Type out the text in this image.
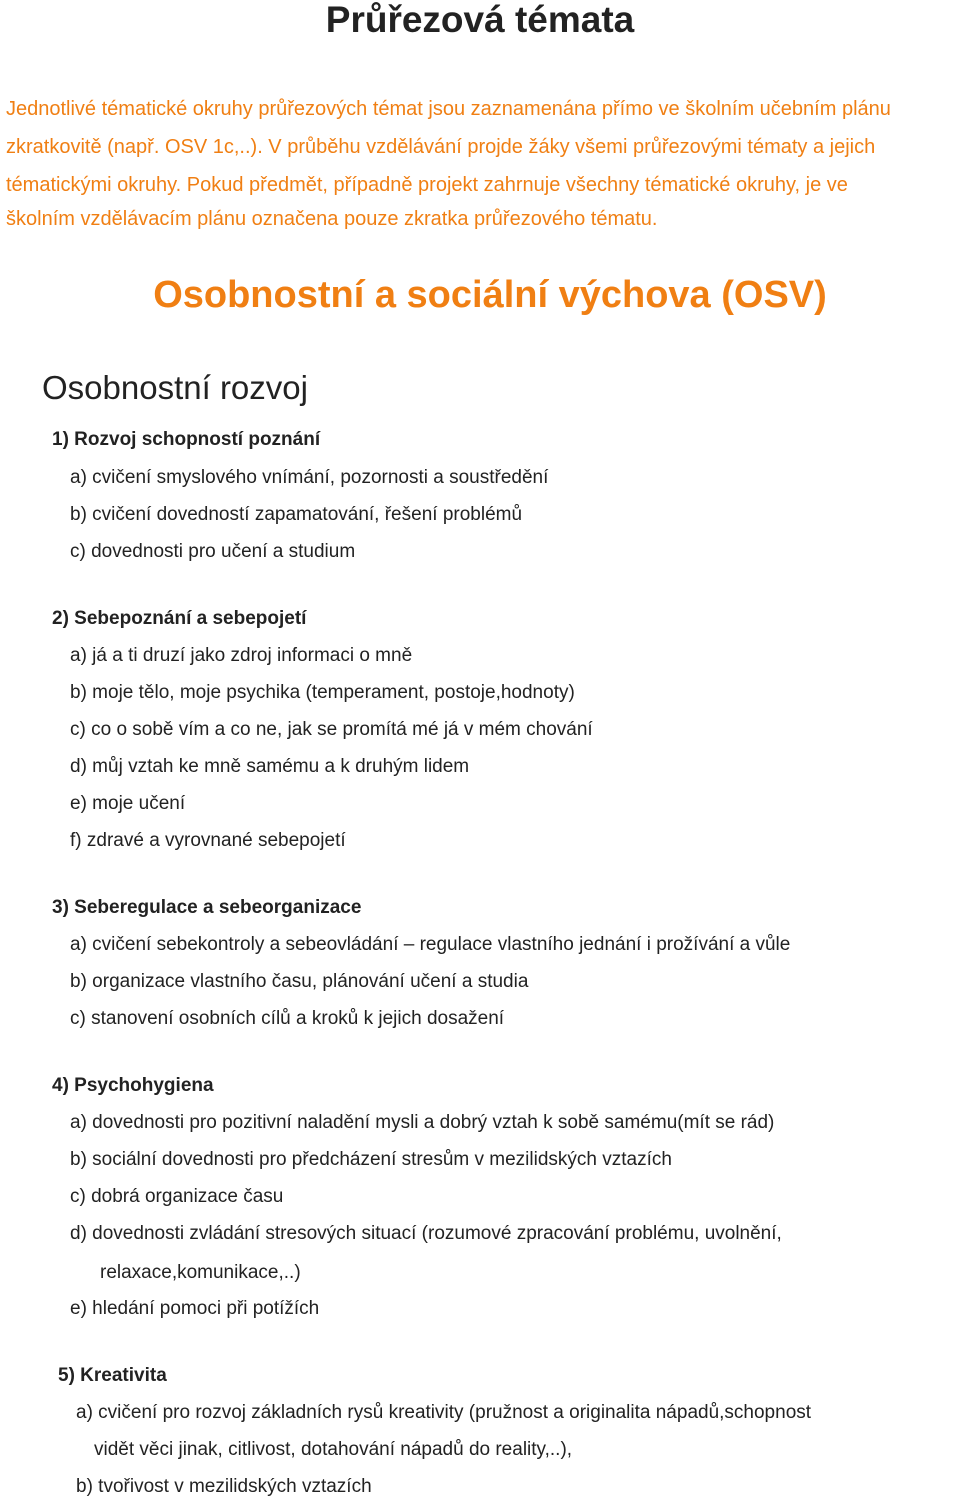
Průřezová témata

Jednotlivé tématické okruhy průřezových témat jsou zaznamenána přímo ve školním učebním plánu

zkratkovitě (např. OSV 1c,..). V průběhu vzdělávání projde žáky všemi průřezovými tématy a jejich

tématickými okruhy. Pokud předmět, případně projekt zahrnuje všechny tématické okruhy, je ve

školním vzdělávacím plánu označena pouze zkratka průřezového tématu.

Osobnostní a sociální výchova (OSV)
Osobnostní rozvoj
1) Rozvoj schopností poznání
a) cvičení smyslového vnímání, pozornosti a soustředění
b) cvičení dovedností zapamatování, řešení problémů
c) dovednosti pro učení a studium
2) Sebepoznání a sebepojetí
a) já a ti druzí jako zdroj informaci o mně
b) moje tělo, moje psychika (temperament, postoje,hodnoty)
c) co o sobě vím a co ne, jak se promítá mé já v mém chování
d) můj vztah ke mně samému a k druhým lidem
e) moje učení
f) zdravé a vyrovnané sebepojetí
3) Seberegulace a sebeorganizace
a) cvičení sebekontroly a sebeovládání – regulace vlastního jednání i prožívání a vůle
b) organizace vlastního času, plánování učení a studia
c) stanovení osobních cílů a kroků k jejich dosažení
4) Psychohygiena
a) dovednosti pro pozitivní naladění mysli a dobrý vztah k sobě samému(mít se rád)
b) sociální dovednosti pro předcházení stresům v mezilidských vztazích
c) dobrá organizace času
d) dovednosti zvládání stresových situací (rozumové zpracování problému, uvolnění,
relaxace,komunikace,..)
e) hledání pomoci při potížích
5) Kreativita
a) cvičení pro rozvoj základních rysů kreativity (pružnost a originalita nápadů,schopnost
vidět věci jinak, citlivost, dotahování nápadů do reality,..),
b) tvořivost v mezilidských vztazích
